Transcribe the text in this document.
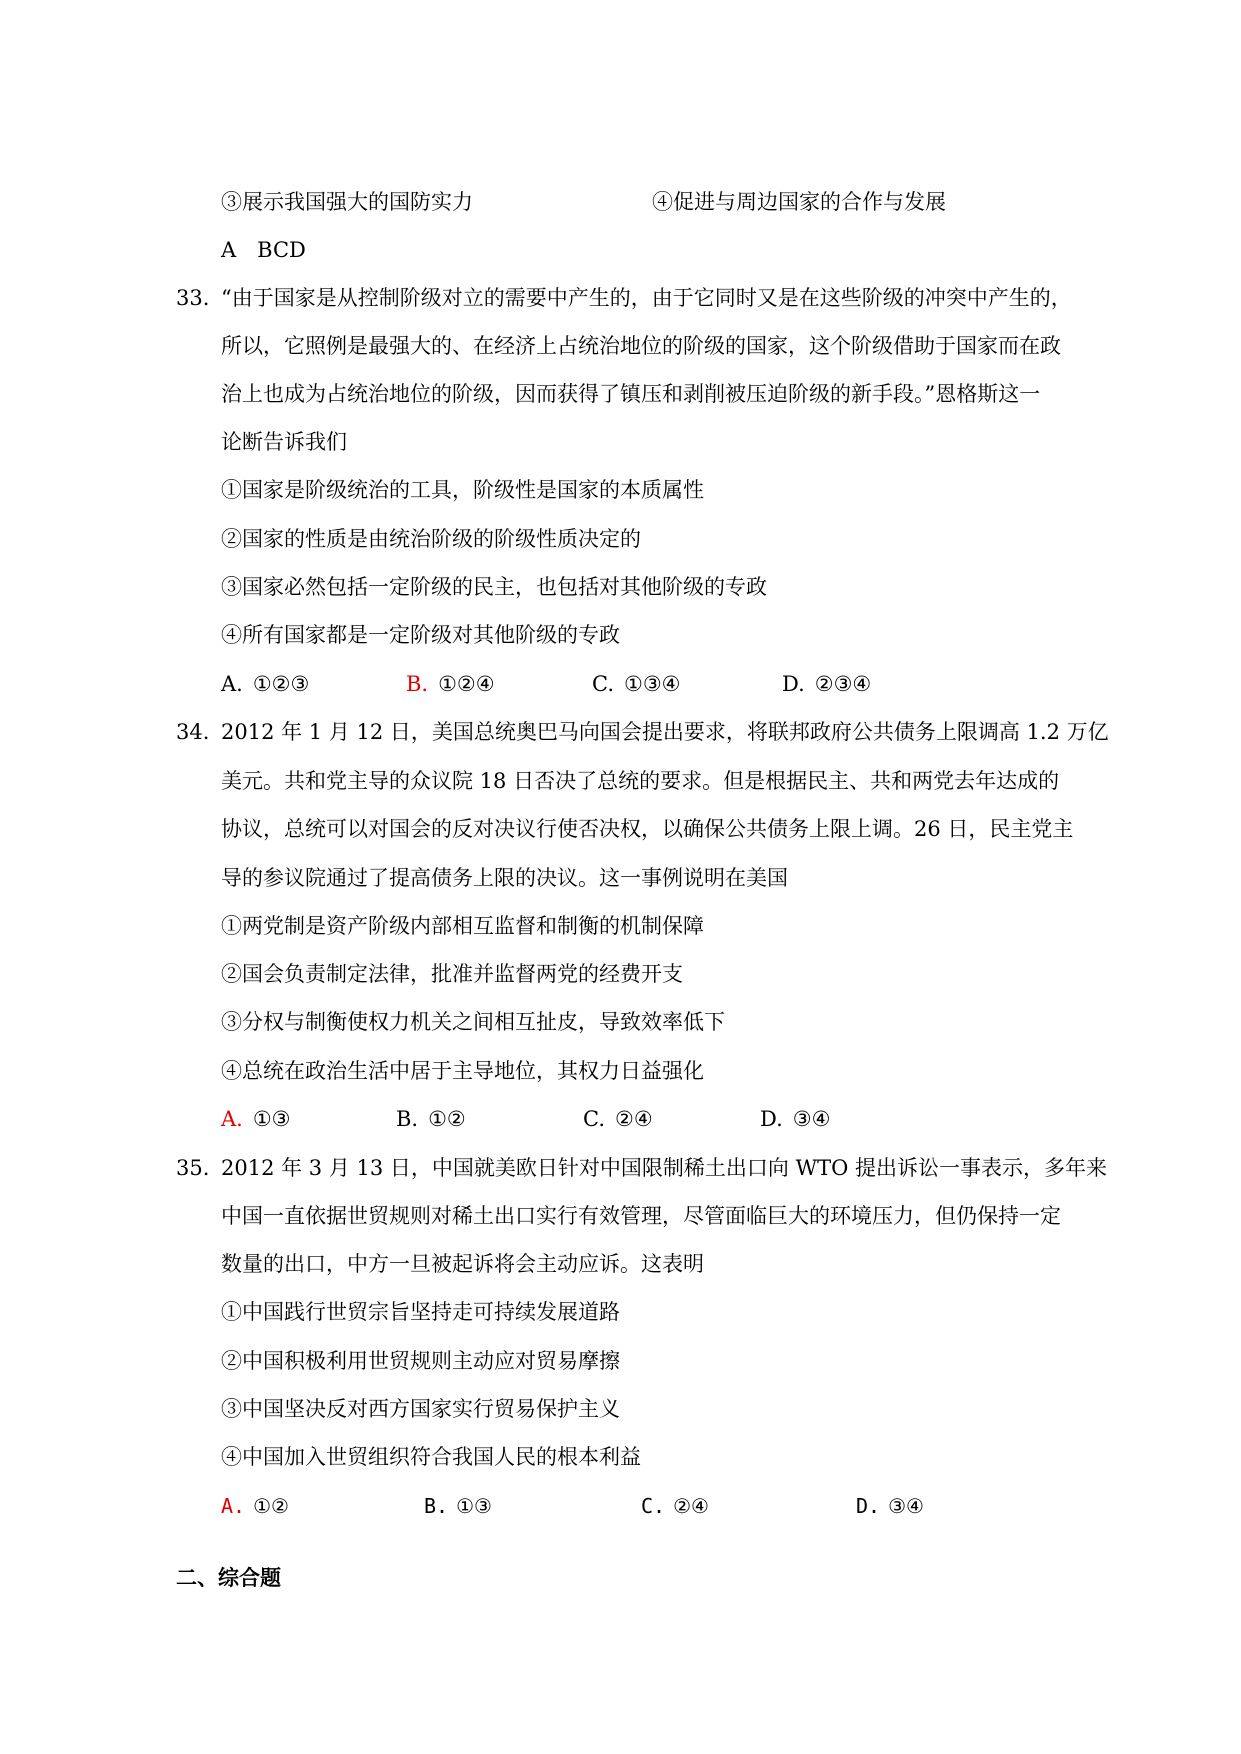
③展示我国强大的国防实力	④促进与周边国家的合作与发展
A　BCD
33. “由于国家是从控制阶级对立的需要中产生的，由于它同时又是在这些阶级的冲突中产生的，
所以，它照例是最强大的、在经济上占统治地位的阶级的国家，这个阶级借助于国家而在政
治上也成为占统治地位的阶级，因而获得了镇压和剥削被压迫阶级的新手段。”恩格斯这一
论断告诉我们
①国家是阶级统治的工具，阶级性是国家的本质属性
②国家的性质是由统治阶级的阶级性质决定的
③国家必然包括一定阶级的民主，也包括对其他阶级的专政
④所有国家都是一定阶级对其他阶级的专政
A. ①②③	B. ①②④	C. ①③④	D. ②③④
34. 2012 年 1 月 12 日，美国总统奥巴马向国会提出要求，将联邦政府公共债务上限调高 1.2 万亿
美元。共和党主导的众议院 18 日否决了总统的要求。但是根据民主、共和两党去年达成的
协议，总统可以对国会的反对决议行使否决权，以确保公共债务上限上调。26 日，民主党主
导的参议院通过了提高债务上限的决议。这一事例说明在美国
①两党制是资产阶级内部相互监督和制衡的机制保障
②国会负责制定法律，批准并监督两党的经费开支
③分权与制衡使权力机关之间相互扯皮，导致效率低下
④总统在政治生活中居于主导地位，其权力日益强化
A. ①③	B. ①②	C. ②④	D. ③④
35. 2012 年 3 月 13 日，中国就美欧日针对中国限制稀土出口向 WTO 提出诉讼一事表示，多年来
中国一直依据世贸规则对稀土出口实行有效管理，尽管面临巨大的环境压力，但仍保持一定
数量的出口，中方一旦被起诉将会主动应诉。这表明
①中国践行世贸宗旨坚持走可持续发展道路
②中国积极利用世贸规则主动应对贸易摩擦
③中国坚决反对西方国家实行贸易保护主义
④中国加入世贸组织符合我国人民的根本利益
A. ①②	B. ①③	C. ②④	D. ③④
二、综合题
